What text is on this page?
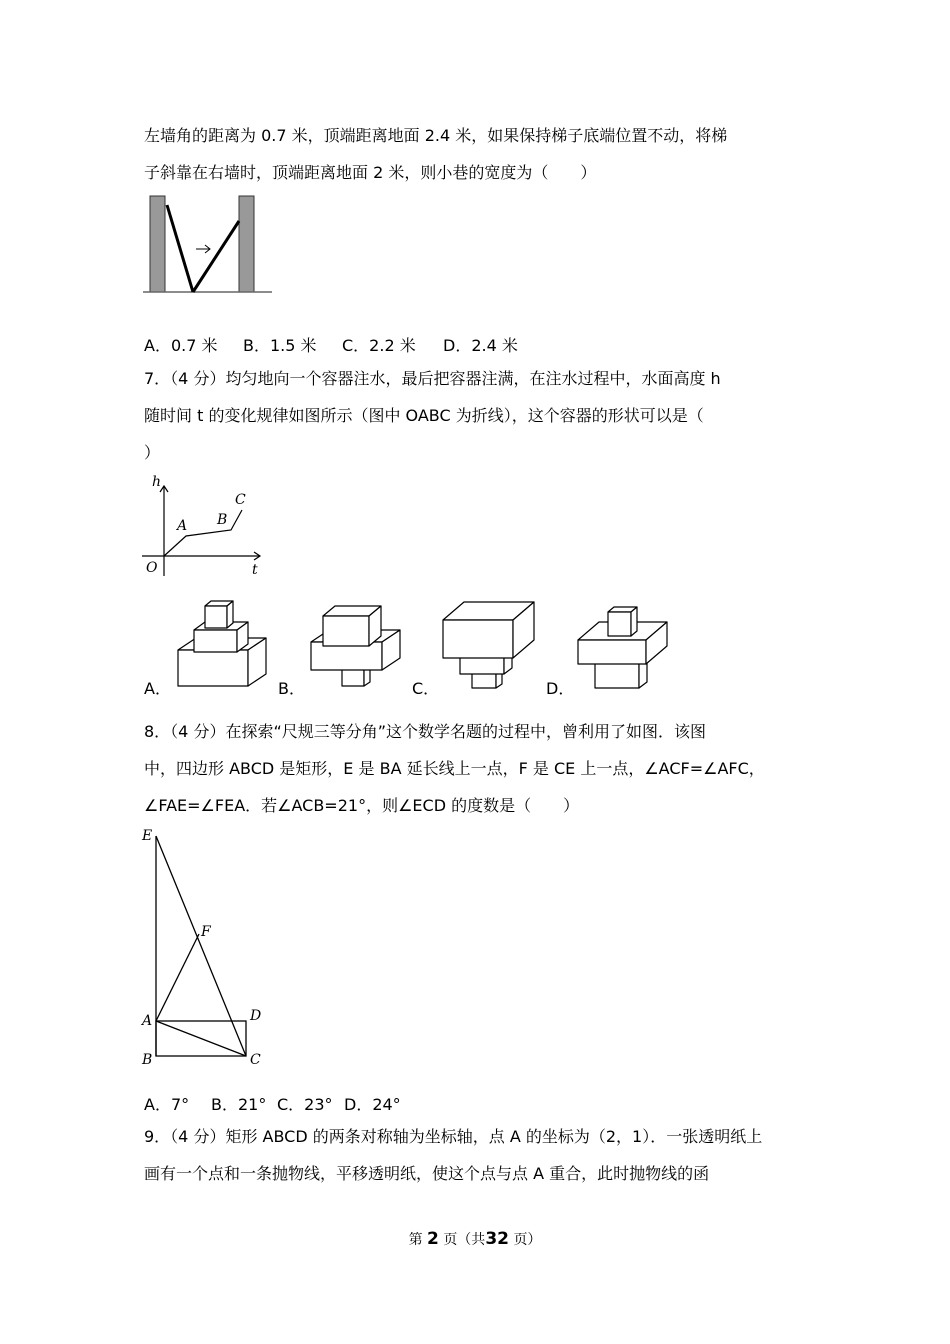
左墙角的距离为 0.7 米，顶端距离地面 2.4 米，如果保持梯子底端位置不动，将梯
子斜靠在右墙时，顶端距离地面 2 米，则小巷的宽度为（　　）
A．0.7 米 B．1.5 米 C．2.2 米 D．2.4 米
7．（4 分）均匀地向一个容器注水，最后把容器注满，在注水过程中，水面高度 h
随时间 t 的变化规律如图所示（图中 OABC 为折线），这个容器的形状可以是（
）
h
t
O
A B
C
A．	B．	C．	D．
8．（4 分）在探索“尺规三等分角”这个数学名题的过程中，曾利用了如图．该图
中，四边形 ABCD 是矩形，E 是 BA 延长线上一点，F 是 CE 上一点，∠ACF=∠AFC，
∠FAE=∠FEA．若∠ACB=21°，则∠ECD 的度数是（　　）
E
F
A
B	C
D
A．7° B．21° C．23° D．24°
9．（4 分）矩形 ABCD 的两条对称轴为坐标轴，点 A 的坐标为（2，1）．一张透明纸上
画有一个点和一条抛物线，平移透明纸，使这个点与点 A 重合，此时抛物线的函
第 2 页（共32 页）
